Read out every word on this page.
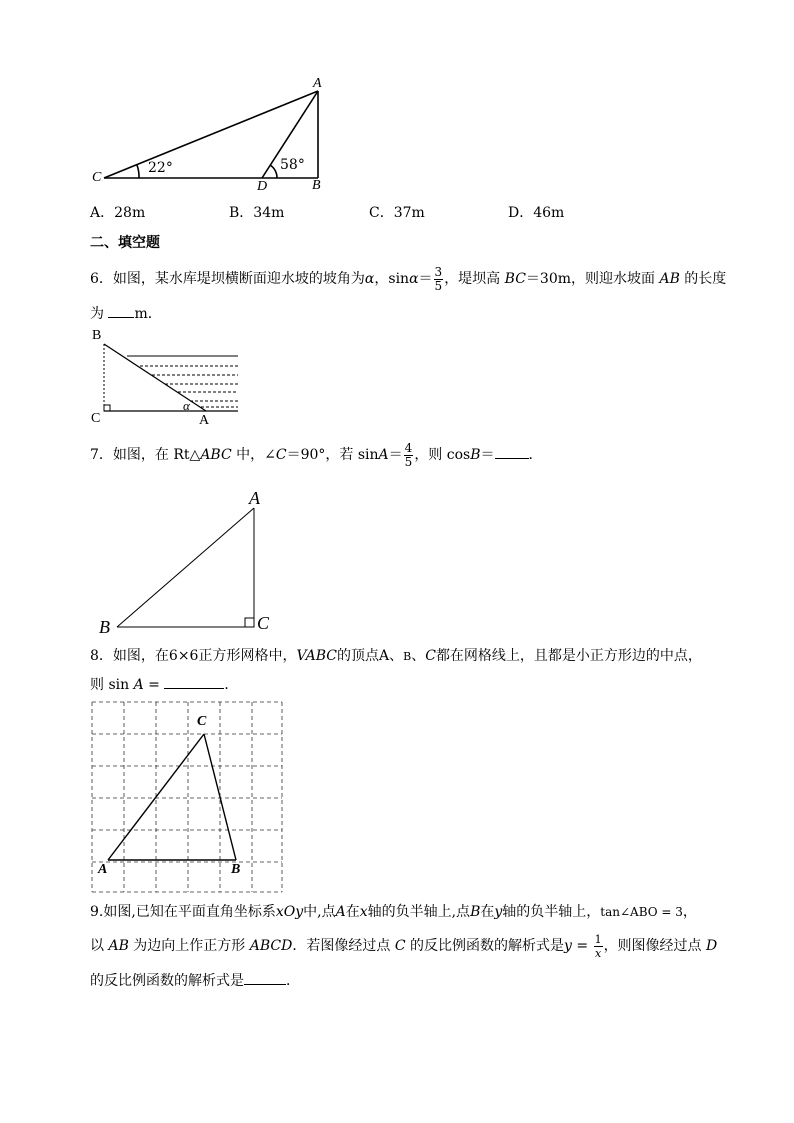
A
C
D	B
22°	58°
A．28m	B．34m	C．37m	D．46m
二、填空题
6．如图，某水库堤坝横断面迎水坡的坡角为α，$\sin\alpha= \frac{3}{5}$ ，堤坝高 BC＝30m，则迎水坡面 AB 的长度
为 m．
B
C	A
α
7．如图，在 Rt△ABC 中，∠C＝90°，若 $\sin A= \frac{4}{5}$ ，则 cosB＝ ．
A
B	C
8．如图，在6×6正方形网格中，VABC的顶点A、B、C都在网格线上，且都是小正方形边的中点，
则 sin A =	．
C
A	B
9.如图,已知在平面直角坐标系xOy中,点A在x轴的负半轴上,点B在y轴的负半轴上，tan∠ABO = 3，
以 AB 为边向上作正方形 ABCD．若图像经过点 C 的反比例函数的解析式是$y = \frac{1}{x}$ ，则图像经过点 D
的反比例函数的解析式是	．
